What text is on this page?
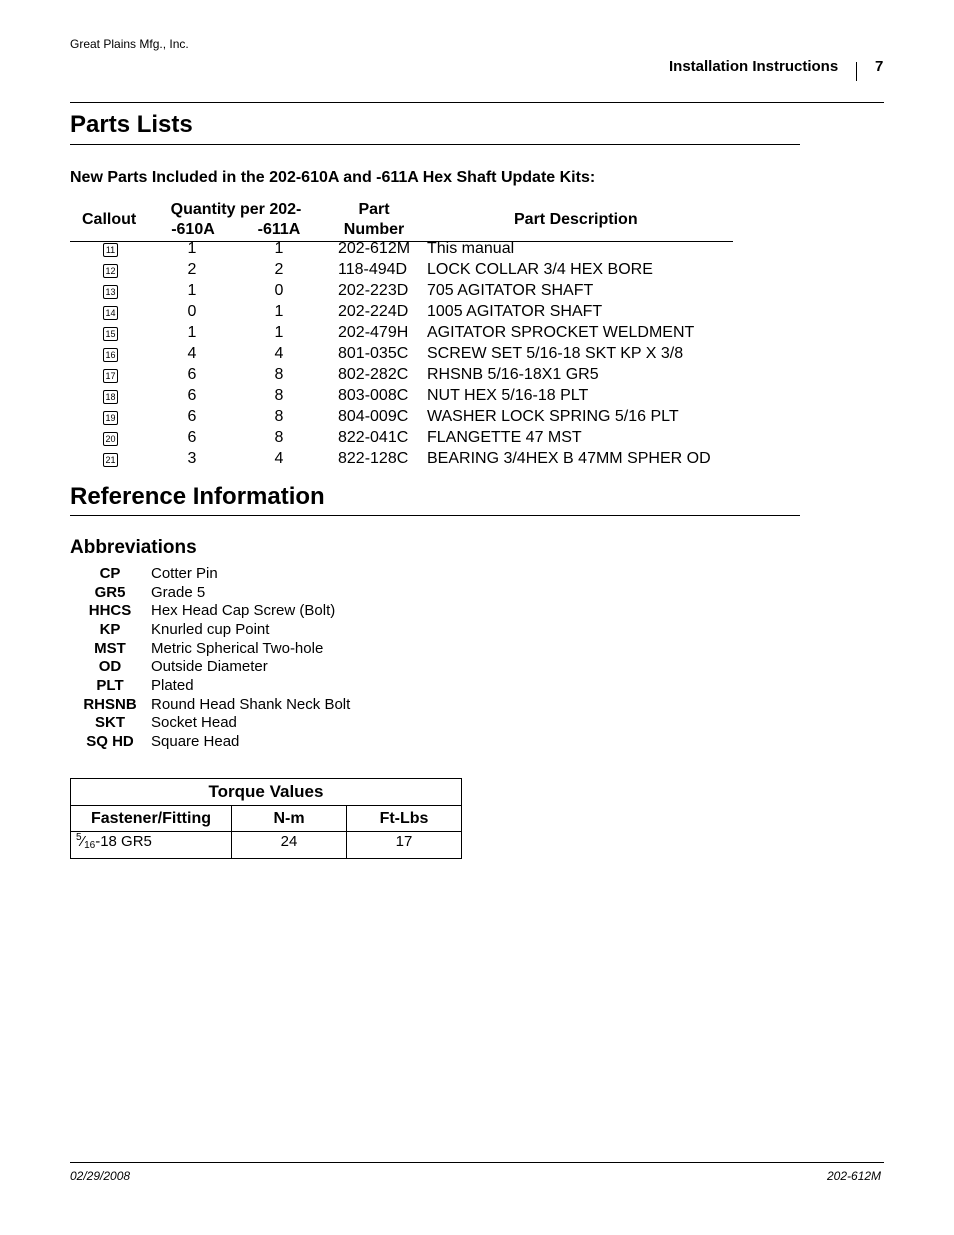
Great Plains Mfg., Inc.
Installation Instructions 7
Parts Lists
New Parts Included in the 202-610A and -611A Hex Shaft Update Kits:
Callout
Quantity per 202-
-610A	-611A
Part
Number
Part Description
11	1	1	202-612M This manual
12	2	2	118-494D LOCK COLLAR 3/4 HEX BORE
13	1	0	202-223D 705 AGITATOR SHAFT
14	0	1	202-224D 1005 AGITATOR SHAFT
15	1	1	202-479H AGITATOR SPROCKET WELDMENT
16	4	4	801-035C SCREW SET 5/16-18 SKT KP X 3/8
17	6	8	802-282C RHSNB 5/16-18X1 GR5
18	6	8	803-008C NUT HEX 5/16-18 PLT
19	6	8	804-009C WASHER LOCK SPRING 5/16 PLT
20	6	8	822-041C FLANGETTE 47 MST
21	3	4	822-128C BEARING 3/4HEX B 47MM SPHER OD
Reference Information
Abbreviations
CP	Cotter Pin
GR5	Grade 5
HHCS	Hex Head Cap Screw (Bolt)
KP	Knurled cup Point
MST	Metric Spherical Two-hole
OD	Outside Diameter
PLT	Plated
RHSNB Round Head Shank Neck Bolt
SKT	Socket Head
SQ HD	Square Head
Torque Values		
Fastener/Fitting	N-m	Ft-Lbs
$^5$⁄16-18 GR5	24	17
02/29/2008	202-612M
